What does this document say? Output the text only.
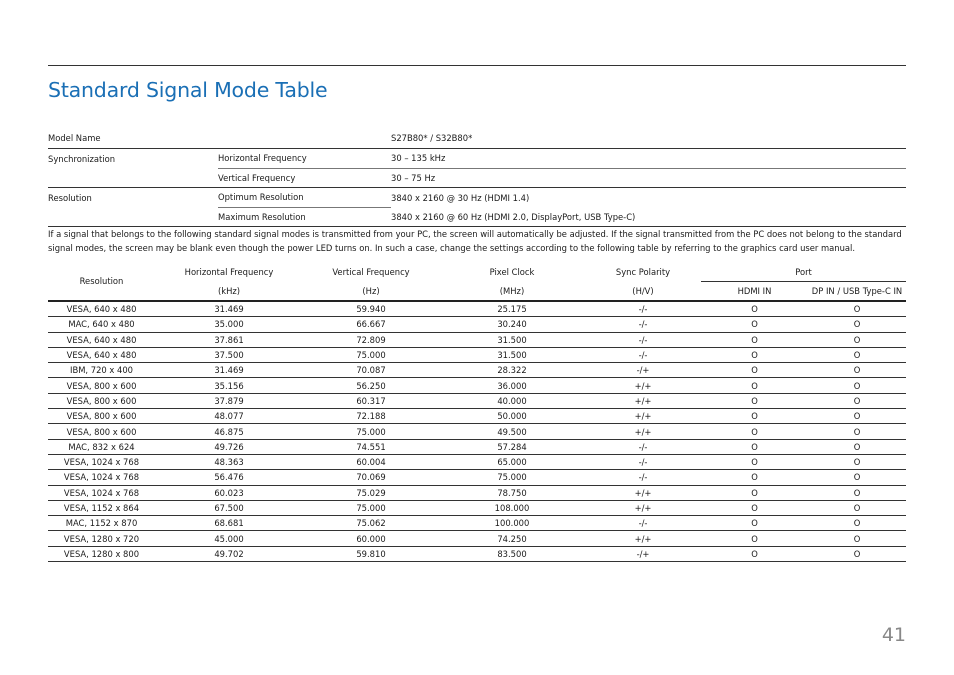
Standard Signal Mode Table
Model Name		S27B80* / S32B80*
Synchronization	Horizontal Frequency	30 – 135 kHz
	Vertical Frequency	30 – 75 Hz
Resolution	Optimum Resolution	3840 x 2160 @ 30 Hz (HDMI 1.4)
	Maximum Resolution	3840 x 2160 @ 60 Hz (HDMI 2.0, DisplayPort, USB Type-C)

If a signal that belongs to the following standard signal modes is transmitted from your PC, the screen will automatically be adjusted. If the signal transmitted from the PC does not belong to the standard signal modes, the screen may be blank even though the power LED turns on. In such a case, change the settings according to the following table by referring to the graphics card user manual.

Resolution	Horizontal Frequency	Vertical Frequency	Pixel Clock	Sync Polarity	Port	
	(kHz)	(Hz)	(MHz)	(H/V)	HDMI IN	DP IN / USB Type-C IN
VESA, 640 x 480	31.469	59.940	25.175	-/-	O	O
MAC, 640 x 480	35.000	66.667	30.240	-/-	O	O
VESA, 640 x 480	37.861	72.809	31.500	-/-	O	O
VESA, 640 x 480	37.500	75.000	31.500	-/-	O	O
IBM, 720 x 400	31.469	70.087	28.322	-/+	O	O
VESA, 800 x 600	35.156	56.250	36.000	+/+	O	O
VESA, 800 x 600	37.879	60.317	40.000	+/+	O	O
VESA, 800 x 600	48.077	72.188	50.000	+/+	O	O
VESA, 800 x 600	46.875	75.000	49.500	+/+	O	O
MAC, 832 x 624	49.726	74.551	57.284	-/-	O	O
VESA, 1024 x 768	48.363	60.004	65.000	-/-	O	O
VESA, 1024 x 768	56.476	70.069	75.000	-/-	O	O
VESA, 1024 x 768	60.023	75.029	78.750	+/+	O	O
VESA, 1152 x 864	67.500	75.000	108.000	+/+	O	O
MAC, 1152 x 870	68.681	75.062	100.000	-/-	O	O
VESA, 1280 x 720	45.000	60.000	74.250	+/+	O	O
VESA, 1280 x 800	49.702	59.810	83.500	-/+	O	O
41
